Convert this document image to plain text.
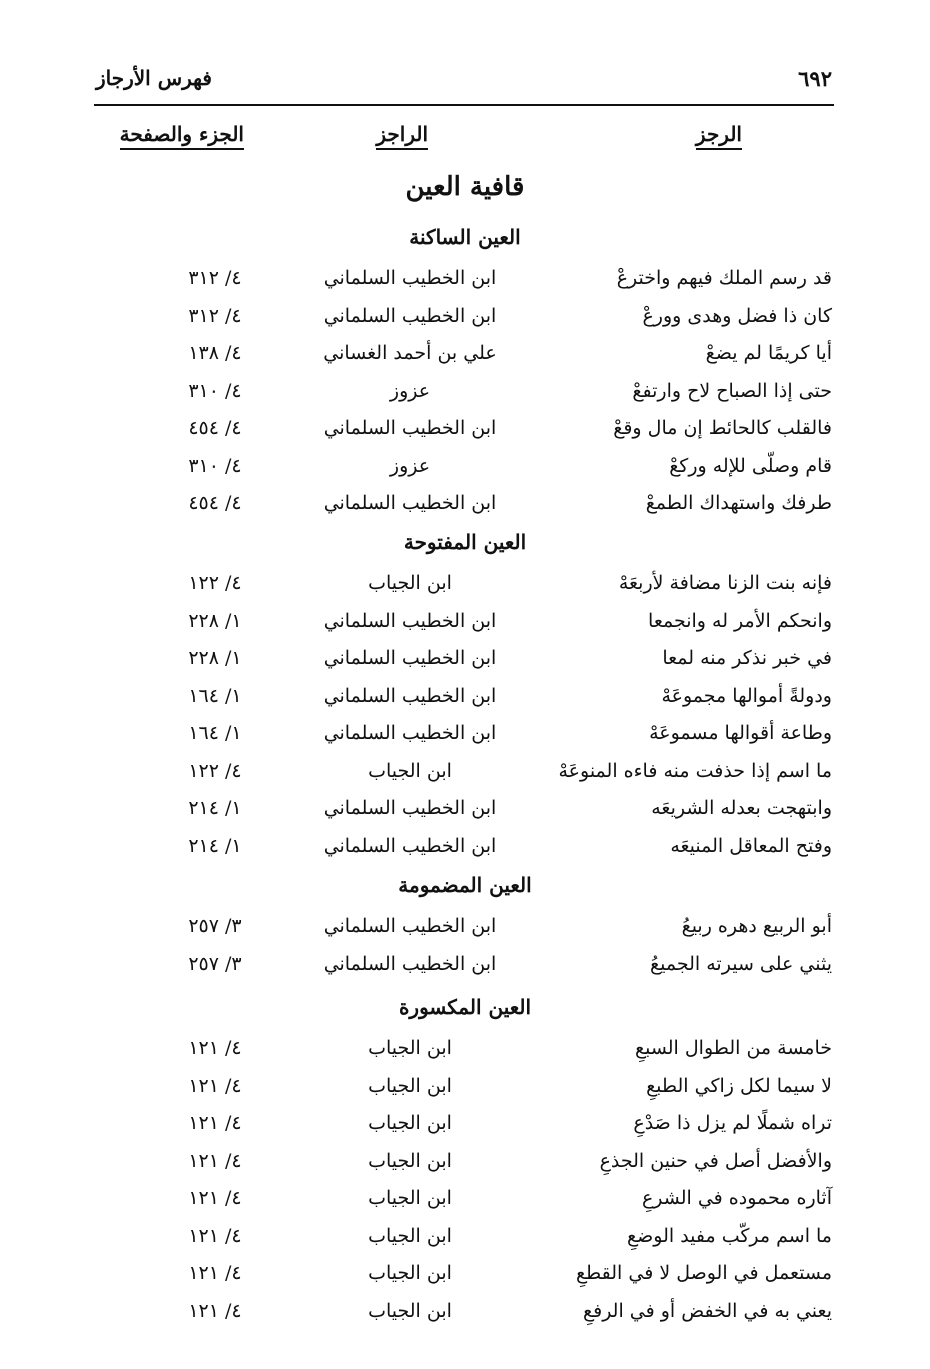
٦٩٢
فهرس الأرجاز
الرجز
الراجز
الجزء والصفحة
قافية العين
العين الساكنة
قد رسم الملك فيهم واخترعْ
ابن الخطيب السلماني
٤/ ٣١٢
كان ذا فضل وهدى وورعْ
ابن الخطيب السلماني
٤/ ٣١٢
أيا كريمًا لم يضعْ
علي بن أحمد الغساني
٤/ ١٣٨
حتى إذا الصباح لاح وارتفعْ
عزوز
٤/ ٣١٠
فالقلب كالحائط إن مال وقعْ
ابن الخطيب السلماني
٤/ ٤٥٤
قام وصلّى للإله وركعْ
عزوز
٤/ ٣١٠
طرفك واستهداك الطمعْ
ابن الخطيب السلماني
٤/ ٤٥٤
العين المفتوحة
فإنه بنت الزنا مضافة لأربعَهْ
ابن الجياب
٤/ ١٢٢
وانحكم الأمر له وانجمعا
ابن الخطيب السلماني
١/ ٢٢٨
في خبر نذكر منه لمعا
ابن الخطيب السلماني
١/ ٢٢٨
ودولةً أموالها مجموعَهْ
ابن الخطيب السلماني
١/ ١٦٤
وطاعة أقوالها مسموعَهْ
ابن الخطيب السلماني
١/ ١٦٤
ما اسم إذا حذفت منه فاءه المنوعَهْ
ابن الجياب
٤/ ١٢٢
وابتهجت بعدله الشريعَه
ابن الخطيب السلماني
١/ ٢١٤
وفتح المعاقل المنيعَه
ابن الخطيب السلماني
١/ ٢١٤
العين المضمومة
أبو الربيع دهره ربيعُ
ابن الخطيب السلماني
٣/ ٢٥٧
يثني على سيرته الجميعُ
ابن الخطيب السلماني
٣/ ٢٥٧
العين المكسورة
خامسة من الطوال السبعِ
ابن الجياب
٤/ ١٢١
لا سيما لكل زاكي الطبعِ
ابن الجياب
٤/ ١٢١
تراه شملًا لم يزل ذا صَدْعِ
ابن الجياب
٤/ ١٢١
والأفضل أصل في حنين الجذعِ
ابن الجياب
٤/ ١٢١
آثاره محموده في الشرعِ
ابن الجياب
٤/ ١٢١
ما اسم مركّب مفيد الوضعِ
ابن الجياب
٤/ ١٢١
مستعمل في الوصل لا في القطعِ
ابن الجياب
٤/ ١٢١
يعني به في الخفض أو في الرفعِ
ابن الجياب
٤/ ١٢١
